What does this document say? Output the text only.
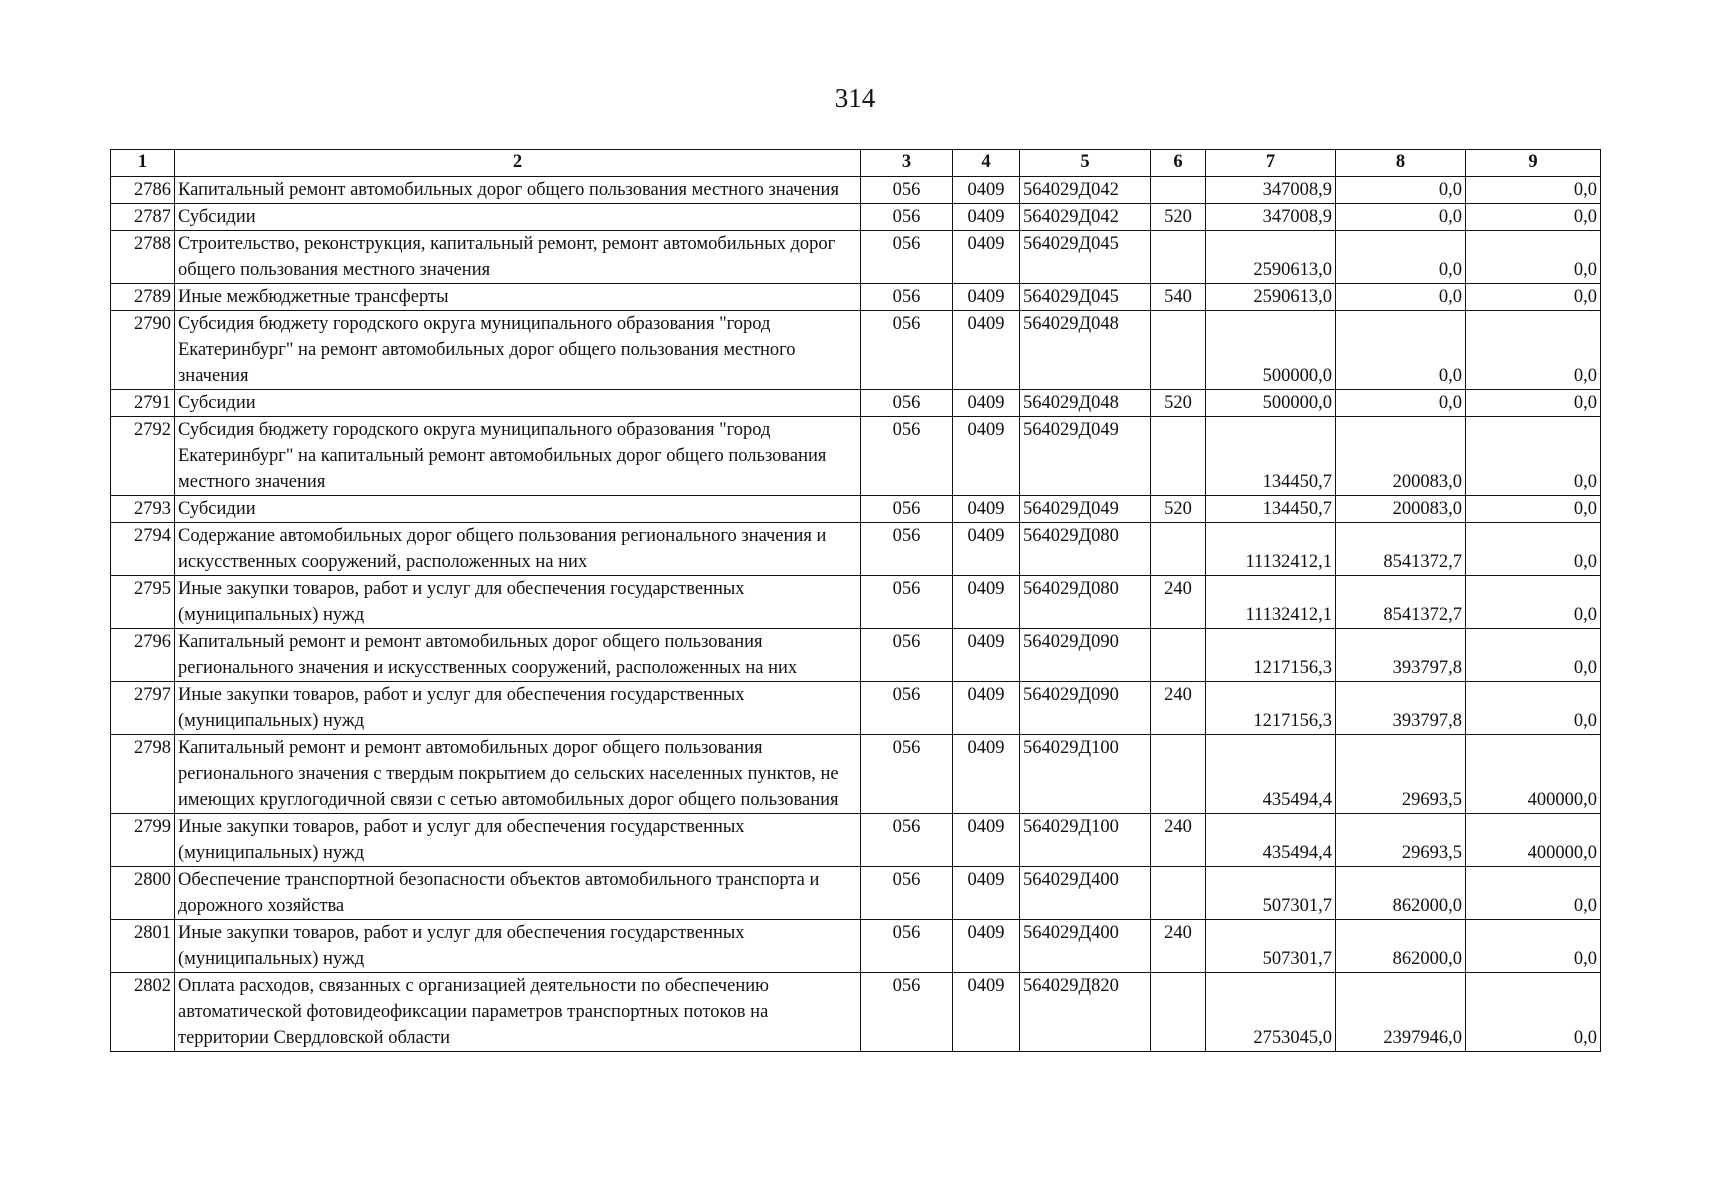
314
1	2	3	4	5	6	7	8	9
2786	Капитальный ремонт автомобильных дорог общего пользования местного значения	056	0409	564029Д042		347008,9	0,0	0,0
2787	Субсидии	056	0409	564029Д042	520	347008,9	0,0	0,0
2788	Строительство, реконструкция, капитальный ремонт, ремонт автомобильных дорог общего пользования местного значения	056	0409	564029Д045		2590613,0	0,0	0,0
2789	Иные межбюджетные трансферты	056	0409	564029Д045	540	2590613,0	0,0	0,0
2790	Субсидия бюджету городского округа муниципального образования "город Екатеринбург" на ремонт автомобильных дорог общего пользования местного значения	056	0409	564029Д048		500000,0	0,0	0,0
2791	Субсидии	056	0409	564029Д048	520	500000,0	0,0	0,0
2792	Субсидия бюджету городского округа муниципального образования "город Екатеринбург" на капитальный ремонт автомобильных дорог общего пользования местного значения	056	0409	564029Д049		134450,7	200083,0	0,0
2793	Субсидии	056	0409	564029Д049	520	134450,7	200083,0	0,0
2794	Содержание автомобильных дорог общего пользования регионального значения и искусственных сооружений, расположенных на них	056	0409	564029Д080		11132412,1	8541372,7	0,0
2795	Иные закупки товаров, работ и услуг для обеспечения государственных (муниципальных) нужд	056	0409	564029Д080	240	11132412,1	8541372,7	0,0
2796	Капитальный ремонт и ремонт автомобильных дорог общего пользования регионального значения и искусственных сооружений, расположенных на них	056	0409	564029Д090		1217156,3	393797,8	0,0
2797	Иные закупки товаров, работ и услуг для обеспечения государственных (муниципальных) нужд	056	0409	564029Д090	240	1217156,3	393797,8	0,0
2798	Капитальный ремонт и ремонт автомобильных дорог общего пользования регионального значения с твердым покрытием до сельских населенных пунктов, не имеющих круглогодичной связи с сетью автомобильных дорог общего пользования	056	0409	564029Д100		435494,4	29693,5	400000,0
2799	Иные закупки товаров, работ и услуг для обеспечения государственных (муниципальных) нужд	056	0409	564029Д100	240	435494,4	29693,5	400000,0
2800	Обеспечение транспортной безопасности объектов автомобильного транспорта и дорожного хозяйства	056	0409	564029Д400		507301,7	862000,0	0,0
2801	Иные закупки товаров, работ и услуг для обеспечения государственных (муниципальных) нужд	056	0409	564029Д400	240	507301,7	862000,0	0,0
2802	Оплата расходов, связанных с организацией деятельности по обеспечению автоматической фотовидеофиксации параметров транспортных потоков на территории Свердловской области	056	0409	564029Д820		2753045,0	2397946,0	0,0
